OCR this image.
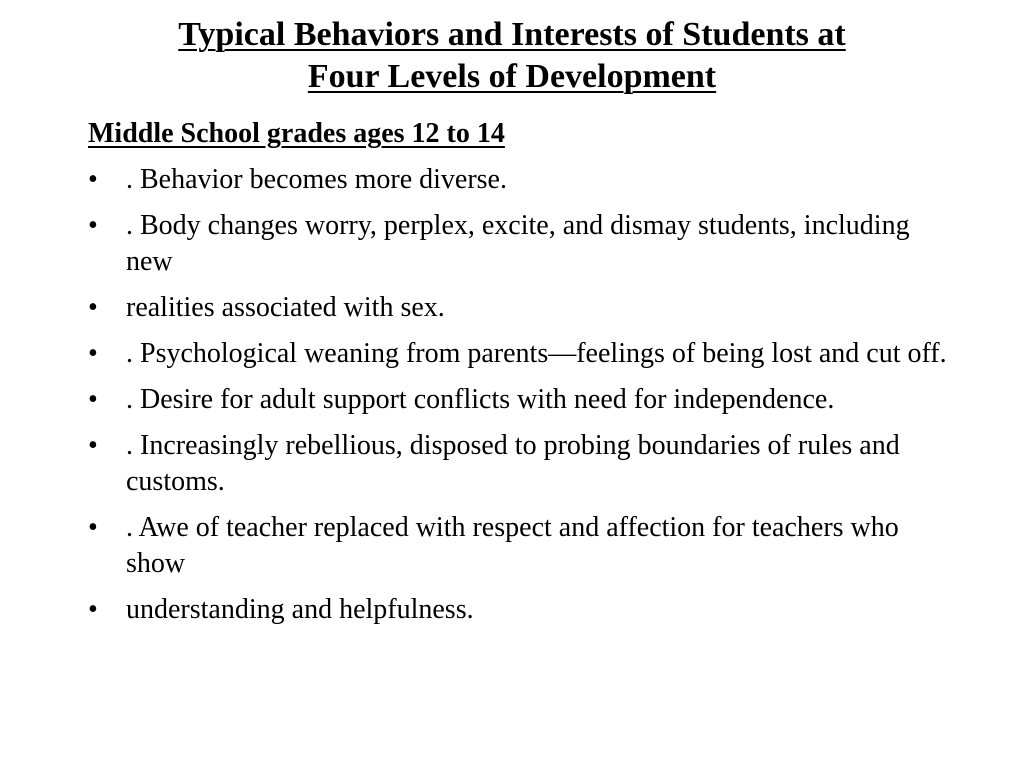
Typical Behaviors and Interests of Students at
Four Levels of Development
Middle School grades ages 12 to 14
•	. Behavior becomes more diverse.
•	. Body changes worry, perplex, excite, and dismay students, including new
•	realities associated with sex.
•	. Psychological weaning from parents—feelings of being lost and cut off.
•	. Desire for adult support conflicts with need for independence.
•	. Increasingly rebellious, disposed to probing boundaries of rules and customs.
•	. Awe of teacher replaced with respect and affection for teachers who show
•	understanding and helpfulness.
